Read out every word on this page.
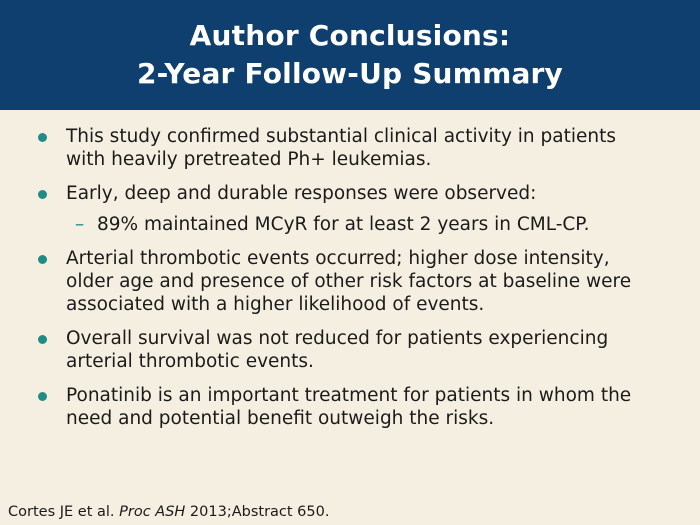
Author Conclusions:
2-Year Follow-Up Summary
This study confirmed substantial clinical activity in patients with heavily pretreated Ph+ leukemias.
Early, deep and durable responses were observed:
– 89% maintained MCyR for at least 2 years in CML-CP.
Arterial thrombotic events occurred; higher dose intensity, older age and presence of other risk factors at baseline were associated with a higher likelihood of events.
Overall survival was not reduced for patients experiencing arterial thrombotic events.
Ponatinib is an important treatment for patients in whom the need and potential benefit outweigh the risks.
Cortes JE et al. Proc ASH 2013;Abstract 650.
